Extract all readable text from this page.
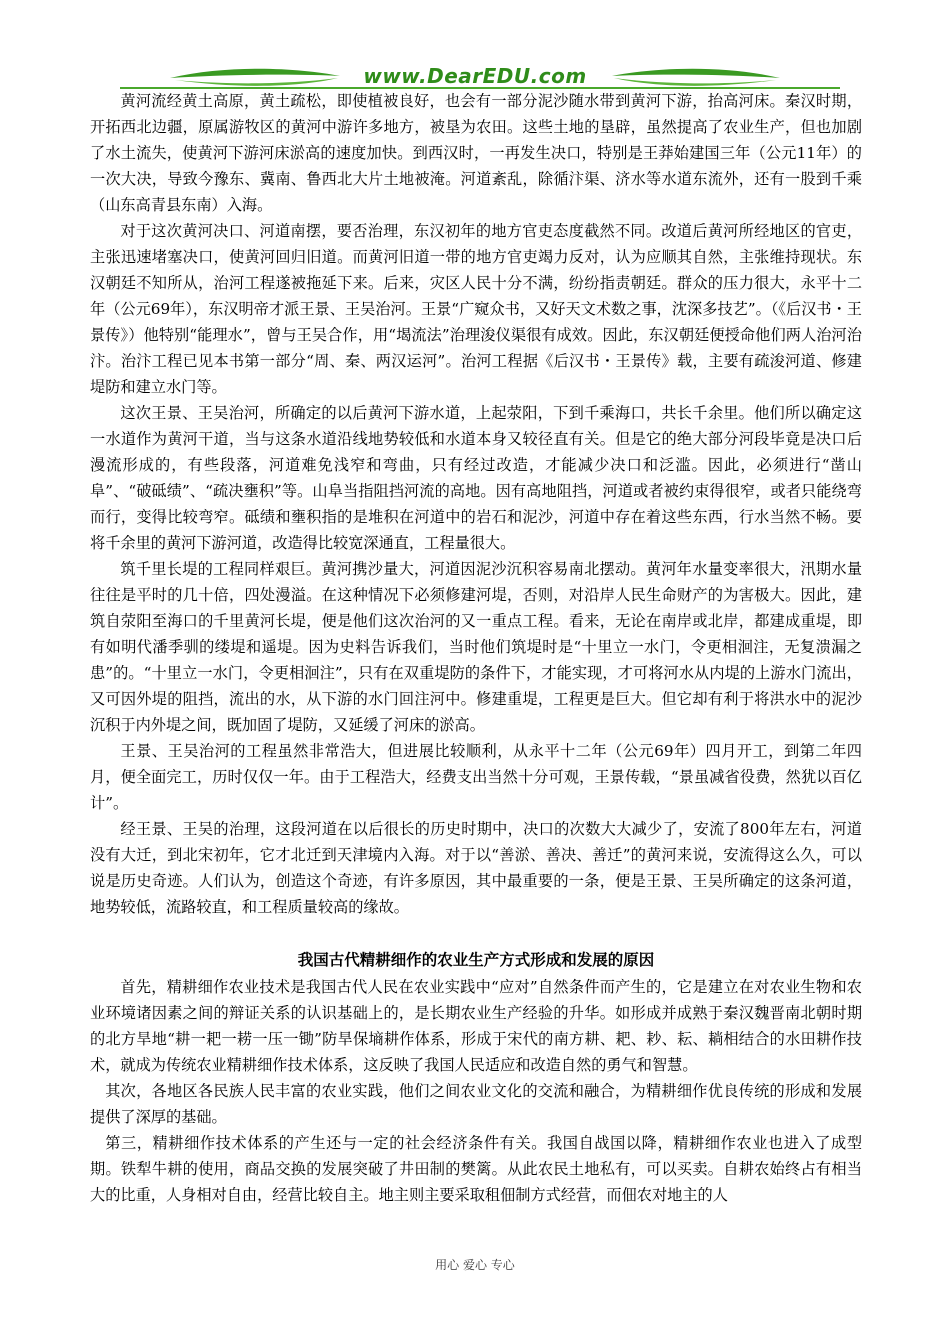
www.DearEDU.com

黄河流经黄土高原，黄土疏松，即使植被良好，也会有一部分泥沙随水带到黄河下游，抬高河床。秦汉时期，开拓西北边疆，原属游牧区的黄河中游许多地方，被垦为农田。这些土地的垦辟，虽然提高了农业生产，但也加剧了水土流失，使黄河下游河床淤高的速度加快。到西汉时，一再发生决口，特别是王莽始建国三年（公元11年）的一次大决，导致今豫东、冀南、鲁西北大片土地被淹。河道紊乱，除循汴渠、济水等水道东流外，还有一股到千乘（山东高青县东南）入海。

对于这次黄河决口、河道南摆，要否治理，东汉初年的地方官吏态度截然不同。改道后黄河所经地区的官吏，主张迅速堵塞决口，使黄河回归旧道。而黄河旧道一带的地方官吏竭力反对，认为应顺其自然，主张维持现状。东汉朝廷不知所从，治河工程遂被拖延下来。后来，灾区人民十分不满，纷纷指责朝廷。群众的压力很大，永平十二年（公元69年），东汉明帝才派王景、王吴治河。王景“广窥众书，又好天文术数之事，沈深多技艺”。（《后汉书・王景传》）他特别“能理水”，曾与王吴合作，用“堨流法”治理浚仪渠很有成效。因此，东汉朝廷便授命他们两人治河治汴。治汴工程已见本书第一部分“周、秦、两汉运河”。治河工程据《后汉书・王景传》载，主要有疏浚河道、修建堤防和建立水门等。

这次王景、王吴治河，所确定的以后黄河下游水道，上起荥阳，下到千乘海口，共长千余里。他们所以确定这一水道作为黄河干道，当与这条水道沿线地势较低和水道本身又较径直有关。但是它的绝大部分河段毕竟是决口后漫流形成的，有些段落，河道难免浅窄和弯曲，只有经过改造，才能减少决口和泛滥。因此，必须进行“凿山阜”、“破砥绩”、“疏决壅积”等。山阜当指阻挡河流的高地。因有高地阻挡，河道或者被约束得很窄，或者只能绕弯而行，变得比较弯窄。砥绩和壅积指的是堆积在河道中的岩石和泥沙，河道中存在着这些东西，行水当然不畅。要将千余里的黄河下游河道，改造得比较宽深通直，工程量很大。

筑千里长堤的工程同样艰巨。黄河携沙量大，河道因泥沙沉积容易南北摆动。黄河年水量变率很大，汛期水量往往是平时的几十倍，四处漫溢。在这种情况下必须修建河堤，否则，对沿岸人民生命财产的为害极大。因此，建筑自荥阳至海口的千里黄河长堤，便是他们这次治河的又一重点工程。看来，无论在南岸或北岸，都建成重堤，即有如明代潘季驯的缕堤和遥堤。因为史料告诉我们，当时他们筑堤时是“十里立一水门，令更相洄注，无复溃漏之患”的。“十里立一水门，令更相洄注”，只有在双重堤防的条件下，才能实现，才可将河水从内堤的上游水门流出，又可因外堤的阻挡，流出的水，从下游的水门回注河中。修建重堤，工程更是巨大。但它却有利于将洪水中的泥沙沉积于内外堤之间，既加固了堤防，又延缓了河床的淤高。

王景、王吴治河的工程虽然非常浩大，但进展比较顺利，从永平十二年（公元69年）四月开工，到第二年四月，便全面完工，历时仅仅一年。由于工程浩大，经费支出当然十分可观，王景传载，“景虽减省役费，然犹以百亿计”。

经王景、王吴的治理，这段河道在以后很长的历史时期中，决口的次数大大减少了，安流了800年左右，河道没有大迁，到北宋初年，它才北迁到天津境内入海。对于以“善淤、善决、善迁”的黄河来说，安流得这么久，可以说是历史奇迹。人们认为，创造这个奇迹，有许多原因，其中最重要的一条，便是王景、王吴所确定的这条河道，地势较低，流路较直，和工程质量较高的缘故。

我国古代精耕细作的农业生产方式形成和发展的原因

首先，精耕细作农业技术是我国古代人民在农业实践中“应对”自然条件而产生的，它是建立在对农业生物和农业环境诸因素之间的辩证关系的认识基础上的，是长期农业生产经验的升华。如形成并成熟于秦汉魏晋南北朝时期的北方旱地“耕一耙一耢一压一锄”防旱保墒耕作体系，形成于宋代的南方耕、耙、耖、耘、耥相结合的水田耕作技术，就成为传统农业精耕细作技术体系，这反映了我国人民适应和改造自然的勇气和智慧。

其次，各地区各民族人民丰富的农业实践，他们之间农业文化的交流和融合，为精耕细作优良传统的形成和发展提供了深厚的基础。

第三，精耕细作技术体系的产生还与一定的社会经济条件有关。我国自战国以降，精耕细作农业也进入了成型期。铁犁牛耕的使用，商品交换的发展突破了井田制的樊篱。从此农民土地私有，可以买卖。自耕农始终占有相当大的比重，人身相对自由，经营比较自主。地主则主要采取租佃制方式经营，而佃农对地主的人

用心 爱心 专心
